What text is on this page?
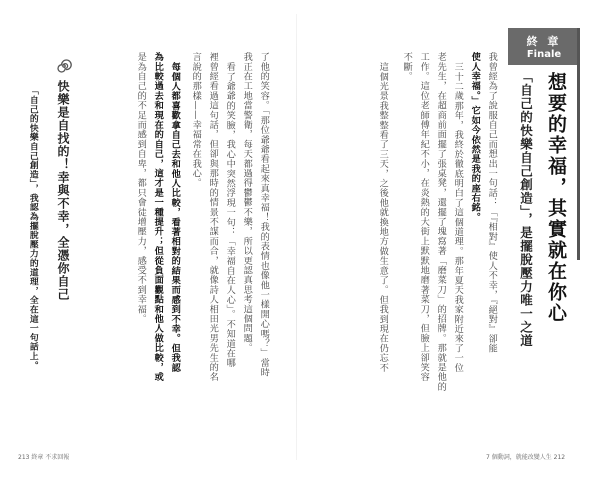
終 章
Finale
想要的幸福，其實就在你心
「自己的快樂自己創造」，是擺脫壓力唯一之道
我曾經為了說服自己而想出一句話：「『相對』使人不幸，『絕對』卻能
使人幸福。」它如今依然是我的座右銘。
三十二歲那年，我終於徹底明白了這個道理。那年夏天我家附近來了一位
老先生，在超商前面擺了張桌凳，還擺了塊寫著「磨菜刀」的招牌。那就是他的
工作。這位老師傅年紀不小，在炎熱的大街上默默地磨著菜刀，但臉上卻笑容
不斷。
這個光景我整整看了三天，之後他就換地方做生意了。但我到現在仍忘不
了他的笑容。「那位爺爺看起來真幸福！我的表情也像他一樣開心嗎？」當時
我正在工地當警衛，每天都過得鬱鬱不樂，所以更認真思考這個問題。
看了爺爺的笑臉，我心中突然浮現一句：「幸福自在人心」。不知道在哪
裡曾經看過這句話，但卻與那時的情景不謀而合，就像詩人相田光男先生的名
言說的那樣——幸福常在我心。
每個人都喜歡拿自己去和他人比較，看著相對的結果而感到不幸。但我認
為比較過去和現在的自己，這才是一種提升；但從負面觀點和他人做比較，或
是為自己的不足而感到自卑，都只會徒增壓力，感受不到幸福。
快樂是自找的！幸與不幸，全憑你自己
「自己的快樂自己創造」，我認為擺脫壓力的道理，全在這一句話上。
213 終章 不求回報	7 個動詞，就能改變人生 212
